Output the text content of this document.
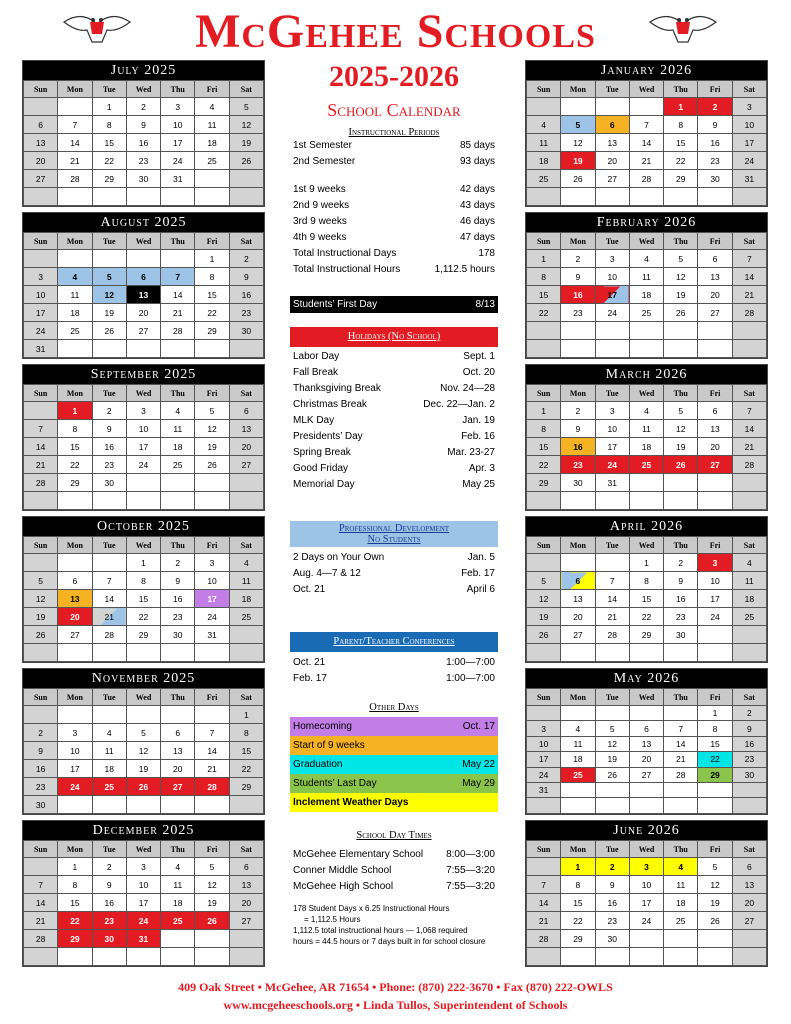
McGehee Schools
2025-2026
School Calendar
July 2025
Sun	Mon	Tue	Wed	Thu	Fri	Sat
		1	2	3	4	5
6	7	8	9	10	11	12
13	14	15	16	17	18	19
20	21	22	23	24	25	26
27	28	29	30	31		

August 2025
Sun	Mon	Tue	Wed	Thu	Fri	Sat
					1	2
3	4	5	6	7	8	9
10	11	12	13	14	15	16
17	18	19	20	21	22	23
24	25	26	27	28	29	30
31						
September 2025
Sun	Mon	Tue	Wed	Thu	Fri	Sat
	1	2	3	4	5	6
7	8	9	10	11	12	13
14	15	16	17	18	19	20
21	22	23	24	25	26	27
28	29	30				

October 2025
Sun	Mon	Tue	Wed	Thu	Fri	Sat
			1	2	3	4
5	6	7	8	9	10	11
12	13	14	15	16	17	18
19	20	21	22	23	24	25
26	27	28	29	30	31	

November 2025
Sun	Mon	Tue	Wed	Thu	Fri	Sat
						1
2	3	4	5	6	7	8
9	10	11	12	13	14	15
16	17	18	19	20	21	22
23	24	25	26	27	28	29
30						
December 2025
Sun	Mon	Tue	Wed	Thu	Fri	Sat
	1	2	3	4	5	6
7	8	9	10	11	12	13
14	15	16	17	18	19	20
21	22	23	24	25	26	27
28	29	30	31			

January 2026
Sun	Mon	Tue	Wed	Thu	Fri	Sat
				1	2	3
4	5	6	7	8	9	10
11	12	13	14	15	16	17
18	19	20	21	22	23	24
25	26	27	28	29	30	31

February 2026
Sun	Mon	Tue	Wed	Thu	Fri	Sat
1	2	3	4	5	6	7
8	9	10	11	12	13	14
15	16	17	18	19	20	21
22	23	24	25	26	27	28

March 2026
Sun	Mon	Tue	Wed	Thu	Fri	Sat
1	2	3	4	5	6	7
8	9	10	11	12	13	14
15	16	17	18	19	20	21
22	23	24	25	26	27	28
29	30	31				

April 2026
Sun	Mon	Tue	Wed	Thu	Fri	Sat
			1	2	3	4
5	6	7	8	9	10	11
12	13	14	15	16	17	18
19	20	21	22	23	24	25
26	27	28	29	30		

May 2026
Sun	Mon	Tue	Wed	Thu	Fri	Sat
					1	2
3	4	5	6	7	8	9
10	11	12	13	14	15	16
17	18	19	20	21	22	23
24	25	26	27	28	29	30
31						

June 2026
Sun	Mon	Tue	Wed	Thu	Fri	Sat
	1	2	3	4	5	6
7	8	9	10	11	12	13
14	15	16	17	18	19	20
21	22	23	24	25	26	27
28	29	30				

Instructional Periods
1st Semester	85 days
2nd Semester	93 days
1st 9 weeks	42 days
2nd 9 weeks	43 days
3rd 9 weeks	46 days
4th 9 weeks	47 days
Total Instructional Days	178
Total Instructional Hours	1,112.5 hours
Students’ First Day	8/13
Holidays (No School)
Labor Day	Sept. 1
Fall Break	Oct. 20
Thanksgiving Break	Nov. 24—28
Christmas Break	Dec. 22—Jan. 2
MLK Day	Jan. 19
Presidents’ Day	Feb. 16
Spring Break	Mar. 23-27
Good Friday	Apr. 3
Memorial Day	May 25
Professional Development
No Students
2 Days on Your Own	Jan. 5
Aug. 4—7 & 12	Feb. 17
Oct. 21	April 6
Parent/Teacher Conferences
Oct. 21	1:00—7:00
Feb. 17	1:00—7:00
Other Days
Homecoming	Oct. 17
Start of 9 weeks
Graduation	May 22
Students’ Last Day	May 29
Inclement Weather Days
School Day Times
McGehee Elementary School 8:00—3:00
Conner Middle School	7:55—3:20
McGehee High School	7:55—3:20
178 Student Days x 6.25 Instructional Hours
= 1,112.5 Hours
1,112.5 total instructional hours — 1,068 required
hours = 44.5 hours or 7 days built in for school closure
409 Oak Street • McGehee, AR 71654 • Phone: (870) 222-3670 • Fax (870) 222-OWLS
www.mcgeheeschools.org • Linda Tullos, Superintendent of Schools
